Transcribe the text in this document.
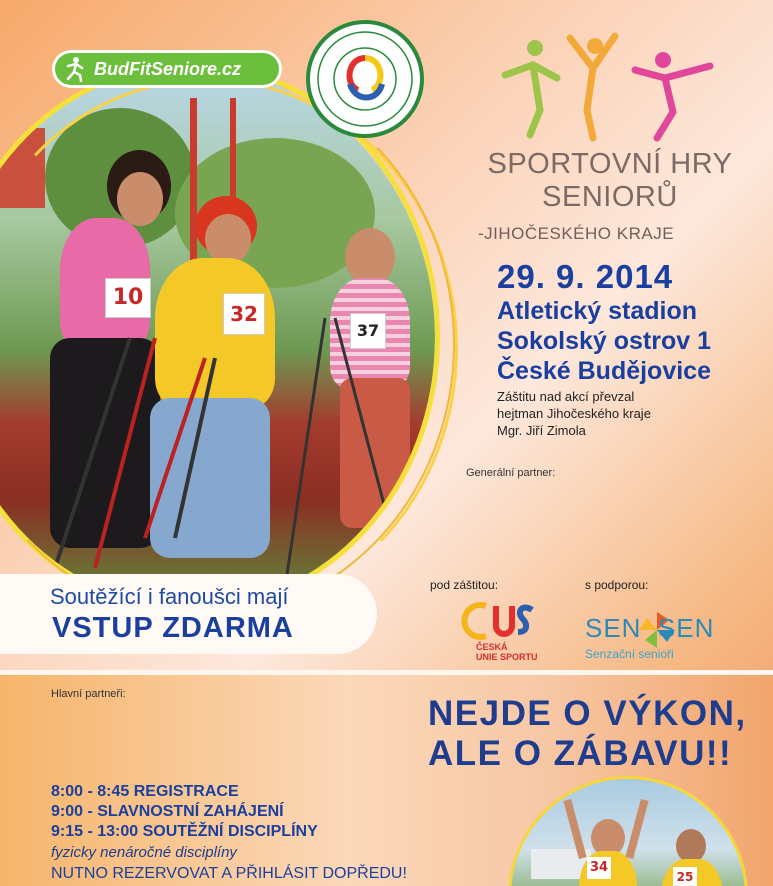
10
32
37
BudFitSeniore.cz
SPORTOVNÍ HRY
SENIORŮ
-JIHOČESKÉHO KRAJE
29. 9. 2014
Atletický stadion
Sokolský ostrov 1
České Budějovice
Záštitu nad akcí převzal
hejtman Jihočeského kraje
Mgr. Jiří Zimola
Generální partner:
Soutěžící i fanoušci mají
VSTUP ZDARMA
pod záštitou:	s podporou:
ČESKÁ
UNIE SPORTU
SEN  SEN
Senzační senioři
Hlavní partneři:	NEJDE O VÝKON,
ALE O ZÁBAVU!!
8:00 - 8:45 REGISTRACE
9:00 - SLAVNOSTNÍ ZAHÁJENÍ
9:15 - 13:00 SOUTĚŽNÍ DISCIPLÍNY
fyzicky nenáročné disciplíny
NUTNO REZERVOVAT A PŘIHLÁSIT DOPŘEDU!	34
25
